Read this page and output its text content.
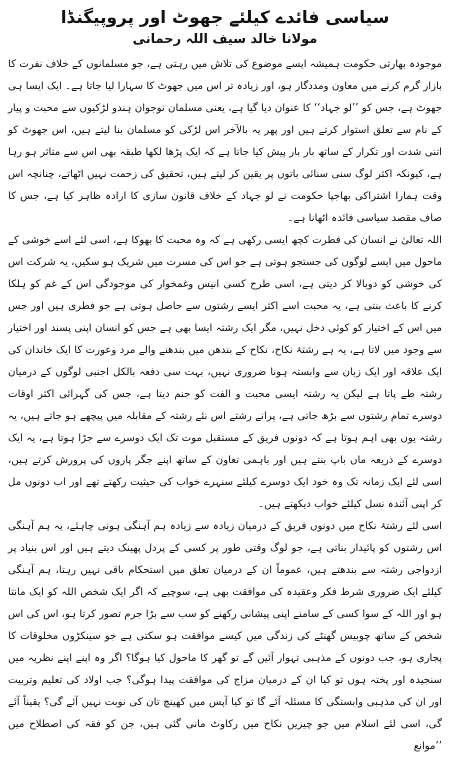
سیاسی فائدے کیلئے جھوٹ اور پروپیگنڈا
مولانا خالد سیف اللہ رحمانی

موجودہ بھارتی حکومت ہمیشہ ایسے موضوع کی تلاش میں رہتی ہے، جو مسلمانوں کے خلاف نفرت کا بازار گرم کرنے میں معاون ومددگار ہو، اور زیادہ تر اس میں جھوٹ کا سہارا لیا جاتا ہے۔ ایک ایسا ہی جھوٹ ہے، جس کو ’’لو جہاد‘‘ کا عنوان دیا گیا ہے، یعنی مسلمان نوجوان ہندو لڑکیوں سے محبت و پیار کے نام سے تعلق استوار کرتے ہیں اور پھر یہ بالآخر اس لڑکی کو مسلمان بنا لیتے ہیں، اس جھوٹ کو اتنی شدت اور تکرار کے ساتھ بار بار پیش کیا جاتا ہے کہ ایک پڑھا لکھا طبقہ بھی اس سے متاثر ہو رہا ہے، کیونکہ اکثر لوگ سنی سنائی باتوں پر یقین کر لیتے ہیں، تحقیق کی زحمت نہیں اٹھاتے، چنانچہ اس وقت ہمارا اشتراکی بھاجپا حکومت نے لو جہاد کے خلاف قانون سازی کا ارادہ ظاہر کیا ہے، جس کا صاف مقصد سیاسی فائدہ اٹھانا ہے۔

اللہ تعالیٰ نے انسان کی فطرت کچھ ایسی رکھی ہے کہ وہ محبت کا بھوکا ہے، اسی لئے اسے خوشی کے ماحول میں ایسے لوگوں کی جستجو ہوتی ہے جو اس کی مسرت میں شریک ہو سکیں، یہ شرکت اس کی خوشی کو دوبالا کر دیتی ہے، اسی طرح کسی انیس وغمخوار کی موجودگی اس کے غم کو ہلکا کرنے کا باعث بنتی ہے، یہ محبت اسے اکثر ایسے رشتوں سے حاصل ہوتی ہے جو فطری ہیں اور جس میں اس کے اختیار کو کوئی دخل نہیں، مگر ایک رشتہ ایسا بھی ہے جس کو انسان اپنی پسند اور اختیار سے وجود میں لاتا ہے، یہ ہے رشتۂ نکاح، نکاح کے بندھن میں بندھنے والے مرد وعورت کا ایک خاندان کی ایک علاقہ اور ایک زبان سے وابستہ ہونا ضروری نہیں، بہت سی دفعہ بالکل اجنبی لوگوں کے درمیان رشتہ طے پاتا ہے لیکن یہ رشتہ ایسی محبت و الفت کو جنم دیتا ہے، جس کی گہرائی اکثر اوقات دوسرے تمام رشتوں سے بڑھ جاتی ہے، پرانے رشتے اس نئے رشتہ کے مقابلہ میں پیچھے ہو جاتے ہیں، یہ رشتہ یوں بھی اہم ہوتا ہے کہ دونوں فریق کے مستقبل موت تک ایک دوسرے سے جڑا ہوتا ہے، یہ ایک دوسرے کے ذریعہ ماں باپ بنتے ہیں اور باہمی تعاون کے ساتھ اپنے جگر پاروں کی پرورش کرتے ہیں، اسی لئے ایک زمانہ تک وہ خود ایک دوسرے کیلئے سنہرے خواب کی حیثیت رکھتے تھے اور اب دونوں مل کر اپنی آئندہ نسل کیلئے خواب دیکھتے ہیں۔

اسی لئے رشتۂ نکاح میں دونوں فریق کے درمیان زیادہ سے زیادہ ہم آہنگی ہونی چاہئے، یہ ہم آہنگی اس رشتوں کو پائیدار بناتی ہے، جو لوگ وقتی طور پر کسی کے پردل پھینک دیتے ہیں اور اس بنیاد پر ازدواجی رشتہ سے بندھتے ہیں، عموماً ان کے درمیان تعلق میں استحکام باقی نہیں رہتا، ہم آہنگی کیلئے ایک ضروری شرط فکر وعقیدہ کی موافقت بھی ہے، سوچیے کہ اگر ایک شخص اللہ کو ایک مانتا ہو اور اللہ کے سوا کسی کے سامنے اپنی پیشانی رکھنے کو سب سے بڑا جرم تصور کرتا ہو، اس کی اس شخص کے ساتھ چوبیس گھنٹے کی زندگی میں کیسے موافقت ہو سکتی ہے جو سینکڑوں مخلوقات کا پجاری ہو، جب دونوں کے مذہبی تہوار آئیں گے تو گھر کا ماحول کیا ہوگا؟ اگر وہ اپنے اپنے نظریہ میں سنجیدہ اور پختہ ہوں تو کیا ان کے درمیان مزاج کی موافقت پیدا ہوگی؟ جب اولاد کی تعلیم وتربیت اور ان کی مذہبی وابستگی کا مسئلہ آئے گا تو کیا آپس میں کھینچ تان کی نوبت نہیں آئے گی؟ یقیناً آئے گی، اسی لئے اسلام میں جو چیزیں نکاح میں رکاوٹ مانی گئی ہیں، جن کو فقہ کی اصطلاح میں ’’موانع
